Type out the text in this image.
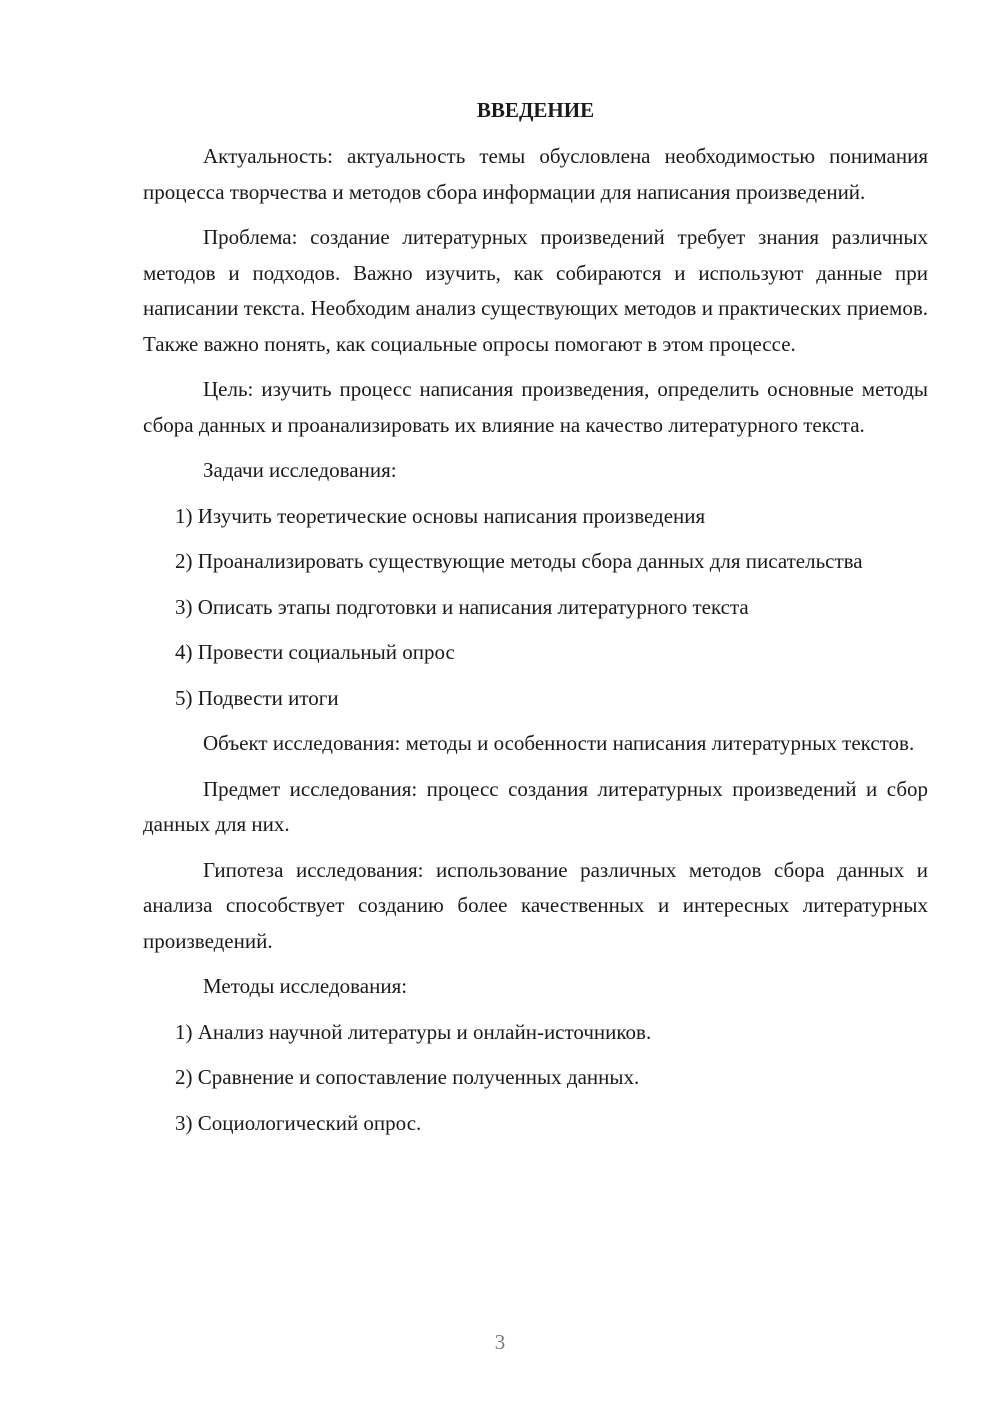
ВВЕДЕНИЕ

Актуальность: актуальность темы обусловлена необходимостью понимания процесса творчества и методов сбора информации для написания произведений.

Проблема: создание литературных произведений требует знания различных методов и подходов. Важно изучить, как собираются и используют данные при написании текста. Необходим анализ существующих методов и практических приемов. Также важно понять, как социальные опросы помогают в этом процессе.

Цель: изучить процесс написания произведения, определить основные методы сбора данных и проанализировать их влияние на качество литературного текста.

Задачи исследования:

1) Изучить теоретические основы написания произведения

2) Проанализировать существующие методы сбора данных для писательства

3) Описать этапы подготовки и написания литературного текста

4) Провести социальный опрос

5) Подвести итоги

Объект исследования: методы и особенности написания литературных текстов.

Предмет исследования: процесс создания литературных произведений и сбор данных для них.

Гипотеза исследования: использование различных методов сбора данных и анализа способствует созданию более качественных и интересных литературных произведений.

Методы исследования:

1) Анализ научной литературы и онлайн-источников.

2) Сравнение и сопоставление полученных данных.

3) Социологический опрос.

3
